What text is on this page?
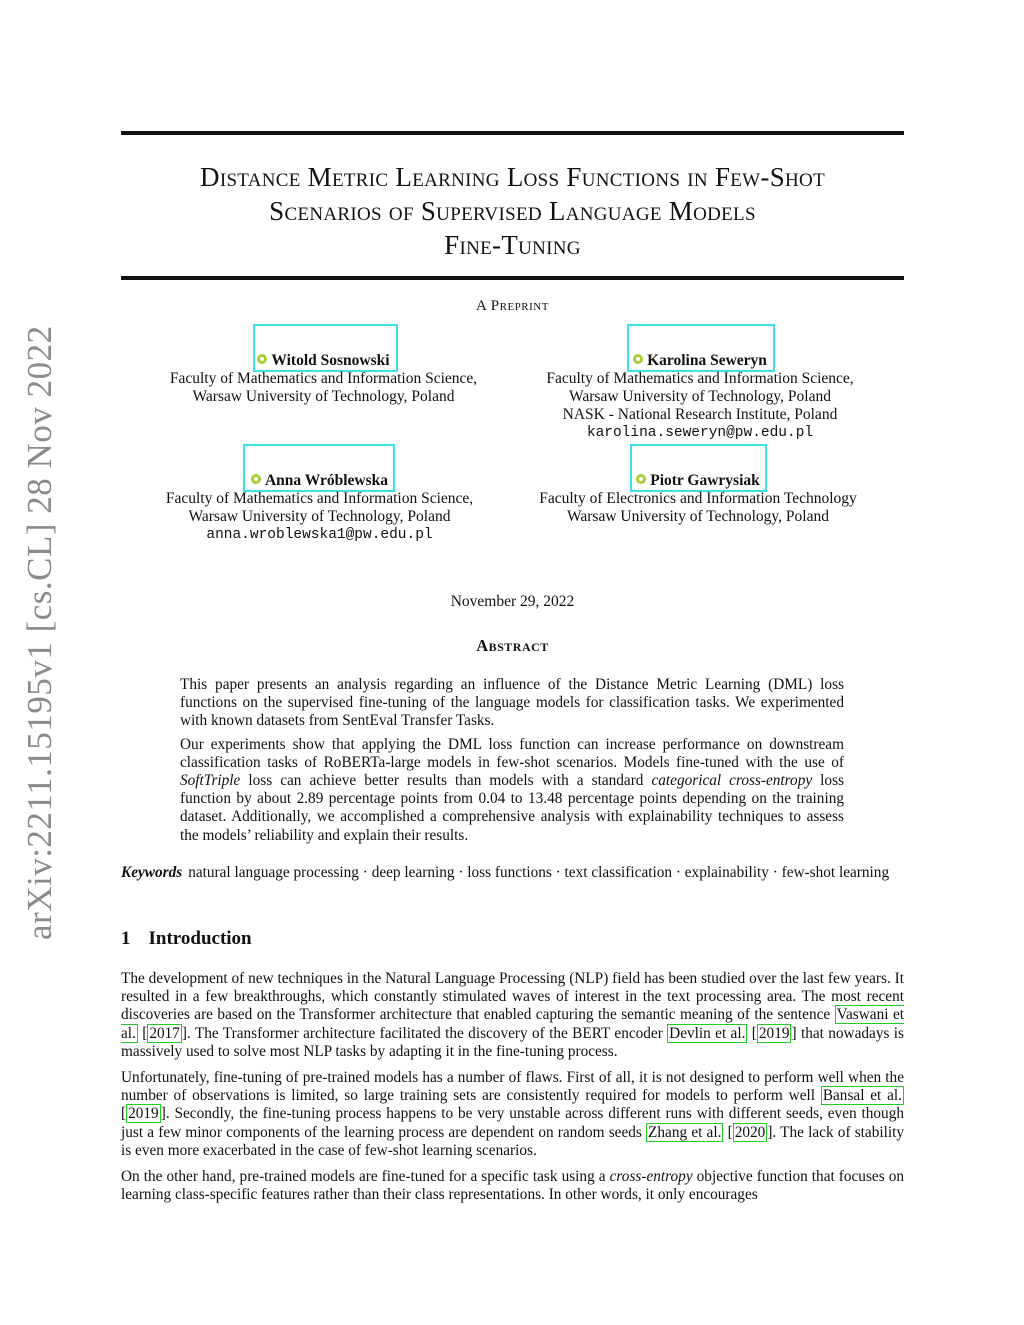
arXiv:2211.15195v1 [cs.CL] 28 Nov 2022
Distance Metric Learning Loss Functions in Few-Shot
Scenarios of Supervised Language Models
Fine-Tuning
A Preprint
Witold Sosnowski
Faculty of Mathematics and Information Science,
Warsaw University of Technology, Poland
Karolina Seweryn
Faculty of Mathematics and Information Science,
Warsaw University of Technology, Poland
NASK - National Research Institute, Poland
karolina.seweryn@pw.edu.pl
Anna Wróblewska
Faculty of Mathematics and Information Science,
Warsaw University of Technology, Poland
anna.wroblewska1@pw.edu.pl
Piotr Gawrysiak
Faculty of Electronics and Information Technology
Warsaw University of Technology, Poland
November 29, 2022
Abstract

This paper presents an analysis regarding an influence of the Distance Metric Learning (DML) loss functions on the supervised fine-tuning of the language models for classification tasks. We experimented with known datasets from SentEval Transfer Tasks.

Our experiments show that applying the DML loss function can increase performance on downstream classification tasks of RoBERTa-large models in few-shot scenarios. Models fine-tuned with the use of SoftTriple loss can achieve better results than models with a standard categorical cross-entropy loss function by about 2.89 percentage points from 0.04 to 13.48 percentage points depending on the training dataset. Additionally, we accomplished a comprehensive analysis with explainability techniques to assess the models’ reliability and explain their results.

Keywords natural language processing · deep learning · loss functions · text classification · explainability · few-shot learning
1 Introduction

The development of new techniques in the Natural Language Processing (NLP) field has been studied over the last few years. It resulted in a few breakthroughs, which constantly stimulated waves of interest in the text processing area. The most recent discoveries are based on the Transformer architecture that enabled capturing the semantic meaning of the sentence Vaswani et al. [ 2017 ]. The Transformer architecture facilitated the discovery of the BERT encoder Devlin et al. [ 2019 ] that nowadays is massively used to solve most NLP tasks by adapting it in the fine-tuning process.

Unfortunately, fine-tuning of pre-trained models has a number of flaws. First of all, it is not designed to perform well when the number of observations is limited, so large training sets are consistently required for models to perform well Bansal et al. [ 2019 ]. Secondly, the fine-tuning process happens to be very unstable across different runs with different seeds, even though just a few minor components of the learning process are dependent on random seeds Zhang et al. [ 2020 ]. The lack of stability is even more exacerbated in the case of few-shot learning scenarios.

On the other hand, pre-trained models are fine-tuned for a specific task using a cross-entropy objective function that focuses on learning class-specific features rather than their class representations. In other words, it only encourages
